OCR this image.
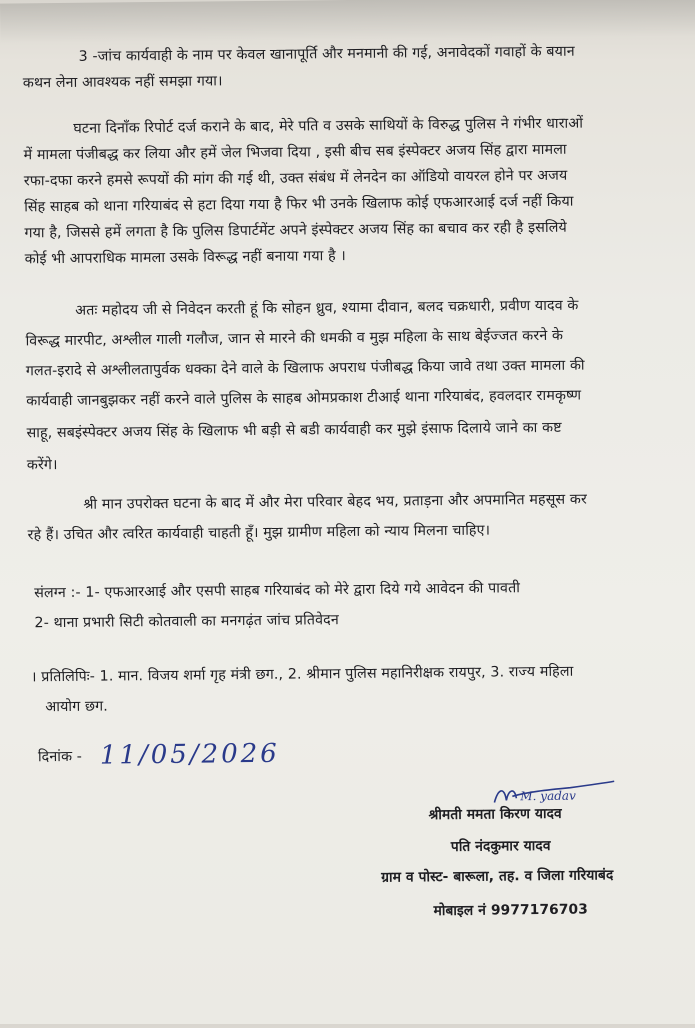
3 -जांच कार्यवाही के नाम पर केवल खानापूर्ति और मनमानी की गई, अनावेदकों गवाहों के बयान
कथन लेना आवश्यक नहीं समझा गया।
घटना दिनाँक रिपोर्ट दर्ज कराने के बाद, मेरे पति व उसके साथियों के विरुद्ध पुलिस ने गंभीर धाराओं
में मामला पंजीबद्ध कर लिया और हमें जेल भिजवा दिया , इसी बीच सब इंस्पेक्टर अजय सिंह द्वारा मामला
रफा-दफा करने हमसे रूपयों की मांग की गई थी, उक्त संबंध में लेनदेन का ऑडियो वायरल होने पर अजय
सिंह साहब को थाना गरियाबंद से हटा दिया गया है फिर भी उनके खिलाफ कोई एफआरआई दर्ज नहीं किया
गया है, जिससे हमें लगता है कि पुलिस डिपार्टमेंट अपने इंस्पेक्टर अजय सिंह का बचाव कर रही है इसलिये
कोई भी आपराधिक मामला उसके विरूद्ध नहीं बनाया गया है ।
अतः महोदय जी से निवेदन करती हूं कि सोहन ध्रुव, श्यामा दीवान, बलद चक्रधारी, प्रवीण यादव के
विरूद्ध मारपीट, अश्लील गाली गलौज, जान से मारने की धमकी व मुझ महिला के साथ बेईज्जत करने के
गलत-इरादे से अश्लीलतापुर्वक धक्का देने वाले के खिलाफ अपराध पंजीबद्ध किया जावे तथा उक्त मामला की
कार्यवाही जानबुझकर नहीं करने वाले पुलिस के साहब ओमप्रकाश टीआई थाना गरियाबंद, हवलदार रामकृष्ण
साहू, सबइंस्पेक्टर अजय सिंह के खिलाफ भी बड़ी से बडी कार्यवाही कर मुझे इंसाफ दिलाये जाने का कष्ट
करेंगे।
श्री मान उपरोक्त घटना के बाद में और मेरा परिवार बेहद भय, प्रताड़ना और अपमानित महसूस कर
रहे हैं। उचित और त्वरित कार्यवाही चाहती हूँ। मुझ ग्रामीण महिला को न्याय मिलना चाहिए।
संलग्न :- 1- एफआरआई और एसपी साहब गरियाबंद को मेरे द्वारा दिये गये आवेदन की पावती
2- थाना प्रभारी सिटी कोतवाली का मनगढ़ंत जांच प्रतिवेदन
। प्रतिलिपिः- 1. मान. विजय शर्मा गृह मंत्री छग., 2. श्रीमान पुलिस महानिरीक्षक रायपुर, 3. राज्य महिला
आयोग छग.
दिनांक - 11/05/2026
M. yadav
श्रीमती ममता किरण यादव
पति नंदकुमार यादव
ग्राम व पोस्ट- बारूला, तह. व जिला गरियाबंद
मोबाइल नं 9977176703
